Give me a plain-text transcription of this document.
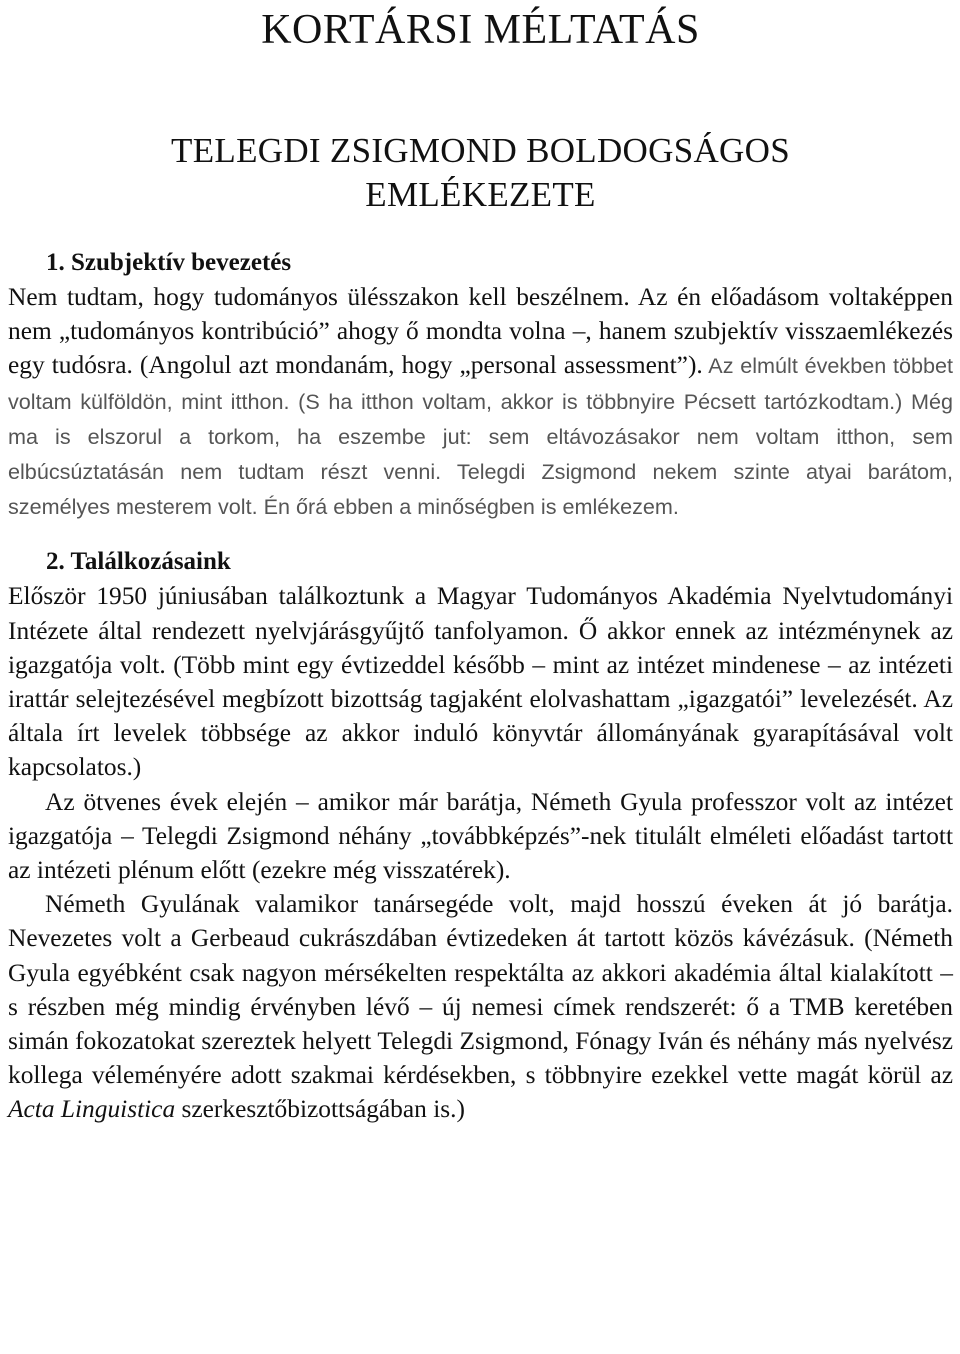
KORTÁRSI MÉLTATÁS
TELEGDI ZSIGMOND BOLDOGSÁGOS
EMLÉKEZETE
1. Szubjektív bevezetés

Nem tudtam, hogy tudományos ülésszakon kell beszélnem. Az én előadásom voltaképpen nem „tudományos kontribúció” ahogy ő mondta volna –, hanem szubjektív visszaemlékezés egy tudósra. (Angolul azt mondanám, hogy „personal assessment”). Az elmúlt években többet voltam külföldön, mint itthon. (S ha itthon voltam, akkor is többnyire Pécsett tartózkodtam.) Még ma is elszorul a torkom, ha eszembe jut: sem eltávozásakor nem voltam itthon, sem elbúcsúztatásán nem tudtam részt venni. Telegdi Zsigmond nekem szinte atyai barátom, személyes mesterem volt. Én őrá ebben a minőségben is emlékezem.

2. Találkozásaink

Először 1950 júniusában találkoztunk a Magyar Tudományos Akadémia Nyelvtudományi Intézete által rendezett nyelvjárásgyűjtő tanfolyamon. Ő akkor ennek az intézménynek az igazgatója volt. (Több mint egy évtizeddel később – mint az intézet mindenese – az intézeti irattár selejtezésével megbízott bizottság tagjaként elolvashattam „igazgatói” levelezését. Az általa írt levelek többsége az akkor induló könyvtár állományának gyarapításával volt kapcsolatos.)

Az ötvenes évek elején – amikor már barátja, Németh Gyula professzor volt az intézet igazgatója – Telegdi Zsigmond néhány „továbbképzés”-nek titulált elméleti előadást tartott az intézeti plénum előtt (ezekre még visszatérek).

Németh Gyulának valamikor tanársegéde volt, majd hosszú éveken át jó barátja. Nevezetes volt a Gerbeaud cukrászdában évtizedeken át tartott közös kávézásuk. (Németh Gyula egyébként csak nagyon mérsékelten respektálta az akkori akadémia által kialakított – s részben még mindig érvényben lévő – új nemesi címek rendszerét: ő a TMB keretében simán fokozatokat szereztek helyett Telegdi Zsigmond, Fónagy Iván és néhány más nyelvész kollega véleményére adott szakmai kérdésekben, s többnyire ezekkel vette magát körül az Acta Linguistica szerkesztőbizottságában is.)
